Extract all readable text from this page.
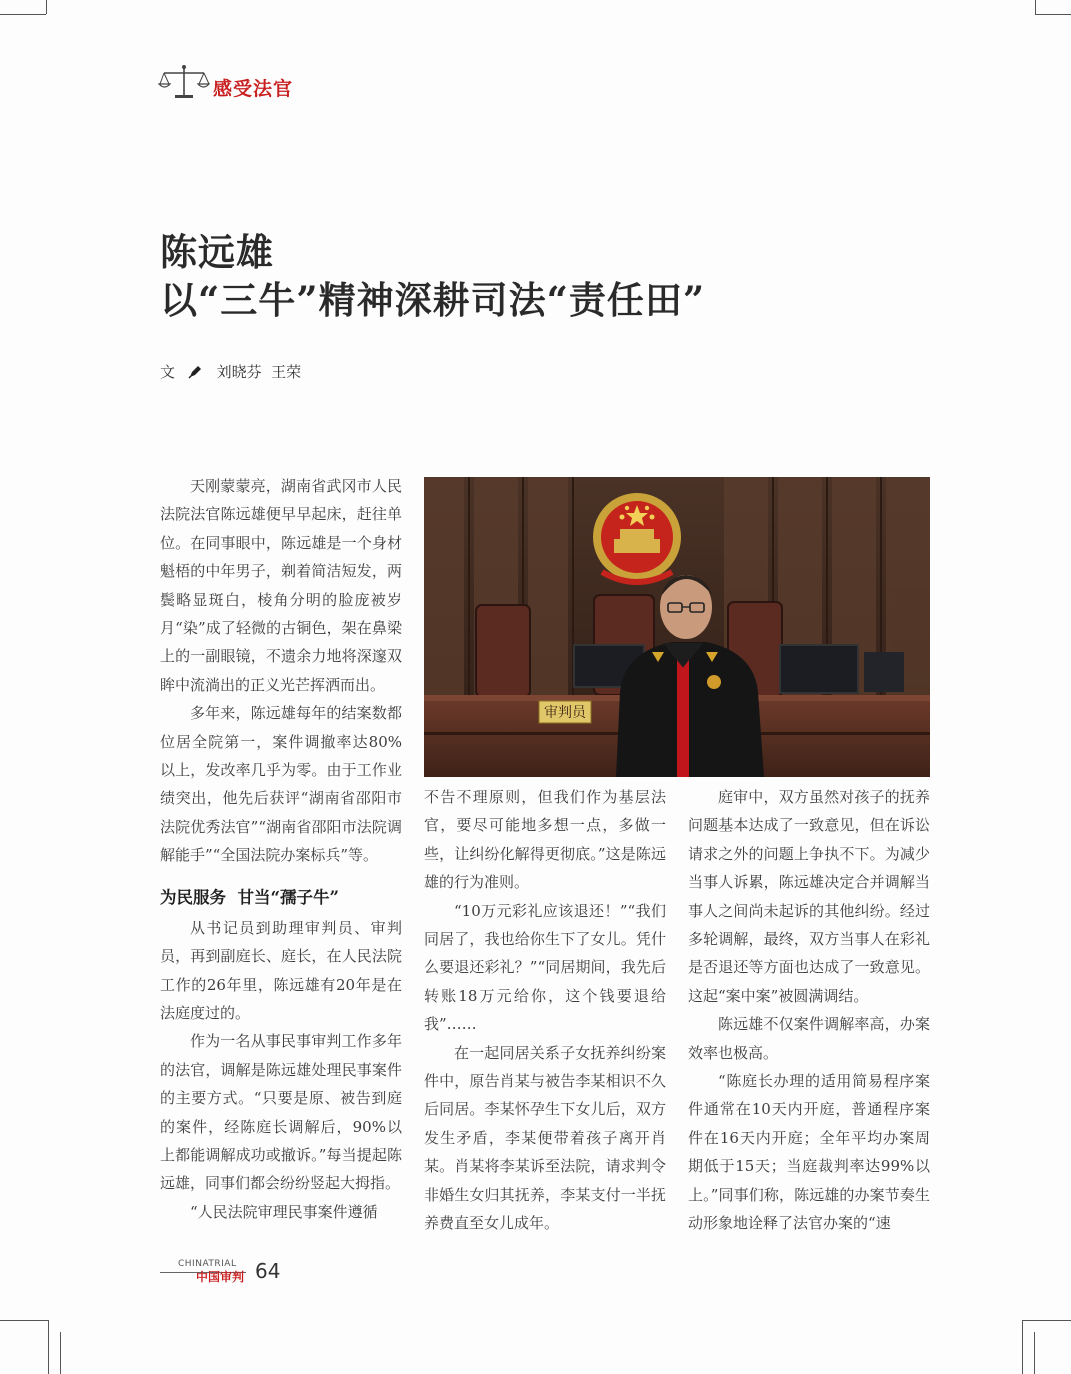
感受法官
陈远雄
以“三牛”精神深耕司法“责任田”
文	刘晓芬  王荣
审判员

天刚蒙蒙亮，湖南省武冈市人民法院法官陈远雄便早早起床，赶往单位。在同事眼中，陈远雄是一个身材魁梧的中年男子，剃着简洁短发，两鬓略显斑白，棱角分明的脸庞被岁月“染”成了轻微的古铜色，架在鼻梁上的一副眼镜，不遗余力地将深邃双眸中流淌出的正义光芒挥洒而出。

多年来，陈远雄每年的结案数都位居全院第一，案件调撤率达80%以上，发改率几乎为零。由于工作业绩突出，他先后获评“湖南省邵阳市法院优秀法官”“湖南省邵阳市法院调解能手”“全国法院办案标兵”等。

为民服务  甘当“孺子牛”

从书记员到助理审判员、审判员，再到副庭长、庭长，在人民法院工作的26年里，陈远雄有20年是在法庭度过的。

作为一名从事民事审判工作多年的法官，调解是陈远雄处理民事案件的主要方式。“只要是原、被告到庭的案件，经陈庭长调解后，90%以上都能调解成功或撤诉。”每当提起陈远雄，同事们都会纷纷竖起大拇指。

“人民法院审理民事案件遵循

不告不理原则，但我们作为基层法官，要尽可能地多想一点，多做一些，让纠纷化解得更彻底。”这是陈远雄的行为准则。

“10万元彩礼应该退还！”“我们同居了，我也给你生下了女儿。凭什么要退还彩礼？”“同居期间，我先后转账18万元给你，这个钱要退给我”……

在一起同居关系子女抚养纠纷案件中，原告肖某与被告李某相识不久后同居。李某怀孕生下女儿后，双方发生矛盾，李某便带着孩子离开肖某。肖某将李某诉至法院，请求判令非婚生女归其抚养，李某支付一半抚养费直至女儿成年。

庭审中，双方虽然对孩子的抚养问题基本达成了一致意见，但在诉讼请求之外的问题上争执不下。为减少当事人诉累，陈远雄决定合并调解当事人之间尚未起诉的其他纠纷。经过多轮调解，最终，双方当事人在彩礼是否退还等方面也达成了一致意见。这起“案中案”被圆满调结。

陈远雄不仅案件调解率高，办案效率也极高。

“陈庭长办理的适用简易程序案件通常在10天内开庭，普通程序案件在16天内开庭；全年平均办案周期低于15天；当庭裁判率达99%以上。”同事们称，陈远雄的办案节奏生动形象地诠释了法官办案的“速

CHINATRIAL
中国审判 64
